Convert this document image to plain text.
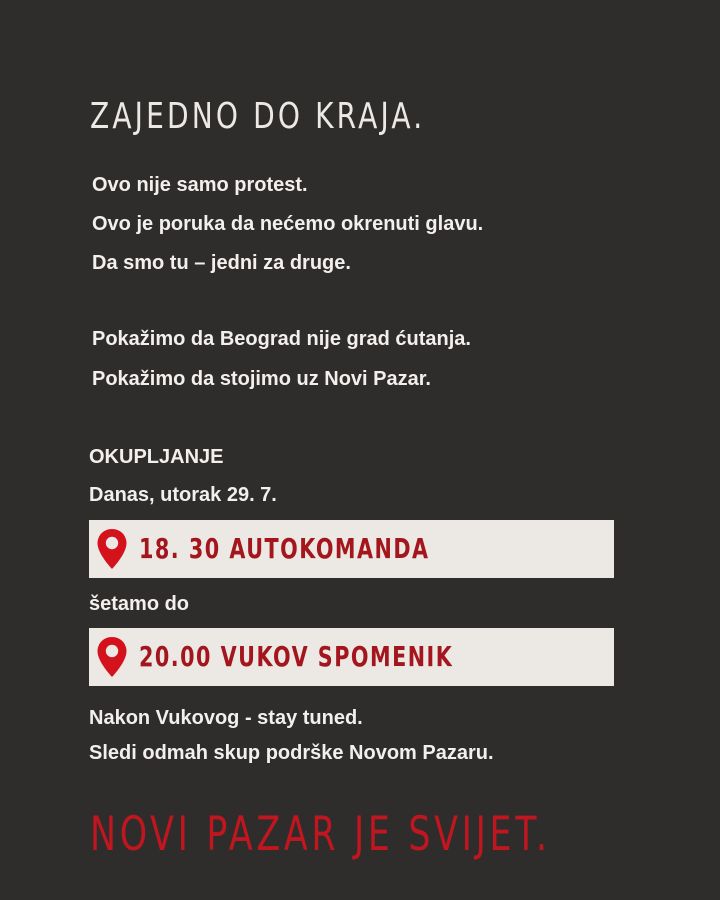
ZAJEDNO DO KRAJA.

Ovo nije samo protest.

Ovo je poruka da nećemo okrenuti glavu.

Da smo tu – jedni za druge.

Pokažimo da Beograd nije grad ćutanja.

Pokažimo da stojimo uz Novi Pazar.

OKUPLJANJE

Danas, utorak 29. 7.

18. 30 AUTOKOMANDA

šetamo do

20.00 VUKOV SPOMENIK

Nakon Vukovog - stay tuned.

Sledi odmah skup podrške Novom Pazaru.

NOVI PAZAR JE SVIJET.
